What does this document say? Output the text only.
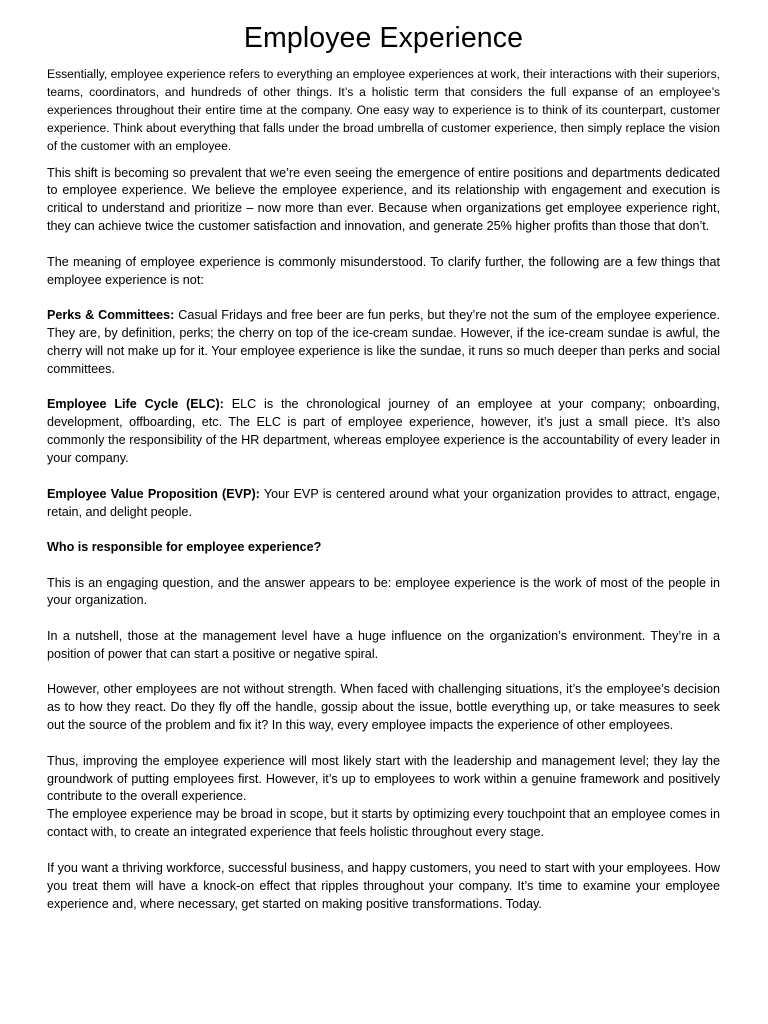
Employee Experience

Essentially, employee experience refers to everything an employee experiences at work, their interactions with their superiors, teams, coordinators, and hundreds of other things. It’s a holistic term that considers the full expanse of an employee’s experiences throughout their entire time at the company. One easy way to experience is to think of its counterpart, customer experience. Think about everything that falls under the broad umbrella of customer experience, then simply replace the vision of the customer with an employee.

This shift is becoming so prevalent that we’re even seeing the emergence of entire positions and departments dedicated to employee experience. We believe the employee experience, and its relationship with engagement and execution is critical to understand and prioritize – now more than ever. Because when organizations get employee experience right, they can achieve twice the customer satisfaction and innovation, and generate 25% higher profits than those that don’t.

The meaning of employee experience is commonly misunderstood. To clarify further, the following are a few things that employee experience is not:

Perks & Committees: Casual Fridays and free beer are fun perks, but they’re not the sum of the employee experience. They are, by definition, perks; the cherry on top of the ice-cream sundae. However, if the ice-cream sundae is awful, the cherry will not make up for it. Your employee experience is like the sundae, it runs so much deeper than perks and social committees.

Employee Life Cycle (ELC): ELC is the chronological journey of an employee at your company; onboarding, development, offboarding, etc. The ELC is part of employee experience, however, it’s just a small piece. It’s also commonly the responsibility of the HR department, whereas employee experience is the accountability of every leader in your company.

Employee Value Proposition (EVP): Your EVP is centered around what your organization provides to attract, engage, retain, and delight people.

Who is responsible for employee experience?

This is an engaging question, and the answer appears to be: employee experience is the work of most of the people in your organization.

In a nutshell, those at the management level have a huge influence on the organization’s environment. They’re in a position of power that can start a positive or negative spiral.

However, other employees are not without strength. When faced with challenging situations, it’s the employee’s decision as to how they react. Do they fly off the handle, gossip about the issue, bottle everything up, or take measures to seek out the source of the problem and fix it? In this way, every employee impacts the experience of other employees.

Thus, improving the employee experience will most likely start with the leadership and management level; they lay the groundwork of putting employees first. However, it’s up to employees to work within a genuine framework and positively contribute to the overall experience.

The employee experience may be broad in scope, but it starts by optimizing every touchpoint that an employee comes in contact with, to create an integrated experience that feels holistic throughout every stage.

If you want a thriving workforce, successful business, and happy customers, you need to start with your employees. How you treat them will have a knock-on effect that ripples throughout your company. It’s time to examine your employee experience and, where necessary, get started on making positive transformations. Today.
